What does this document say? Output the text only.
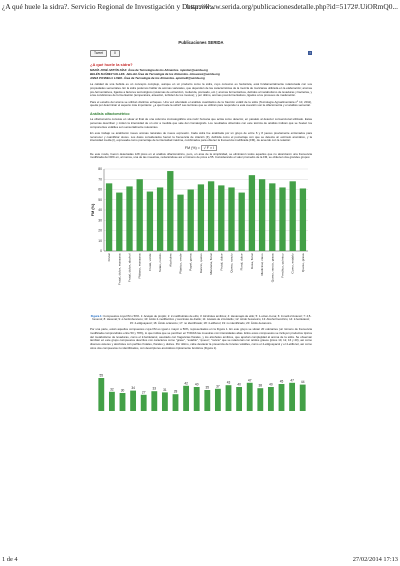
¿A qué huele la sidra?. Servicio Regional de Investigación y Desarroll...
http://www.serida.org/publicacionesdetalle.php?id=5172#.UiORmQ0...
Publicaciones SERIDA
Tweet	0	f
¿A qué huele la sidra?
MARÍA JOSÉ ANTÓN DÍAZ. Área de Tecnología de los Alimentos. mjanton@serida.org
BELÉN SUÁREZ VALLES. Jefa del Área de Tecnología de los Alimentos. mbsuarez@serida.org
ANNA PICINELLI LOBO. Área de Tecnología de los Alimentos. apicinelli@serida.org
La calidad de una bebida es un concepto complejo, aunque en un producto como la sidra, cuyo consumo es hedonista, está fundamentalmente relacionada con sus propiedades sensoriales. En la sidra podemos hablar de aromas varietales, que dependen de las características de la mezcla de manzanas utilizada en la elaboración; aromas pre-fermentativos, ligados a factores tecnológicos (sistemas de extracción, molienda, prensado, etc.); aromas fermentativos, debidos al metabolismo de levaduras y bacterias, y a las condiciones de fermentación (temperatura, aireación, turbidez de los mostos); y por último, aromas post-fermentativos, ligados a los procesos de maduración.
Para el estudio del aroma se utilizan distintos enfoques. Una vez abordado el análisis cuantitativo de la fracción volátil de la sidra (Tecnología Agroalimentaria nº 10, 2011), queda por determinar el aspecto más importante: ¿a qué huele la sidra? Las técnicas que se utilizan para responder a esta cuestión son la olfactometría y el análisis sensorial.
Análisis olfactométrico
La olfactometría consiste en situar al final de una columna cromatográfica una nariz humana que actúa como detector, en paralelo al detector convencional utilizado. Estas personas describen y miden la intensidad de un olor a medida que sale del cromatógrafo. Los resultados obtenidos con este técnica de análisis indican qué se huelen los componentes volátiles son sensorialmente relevantes.
En este trabajo se analizaron nueve aromas naturales de nueve expresión. Cada sidra fue analizada por un grupo de entre 6 y 8 jueces previamente entrenados para reconocer y cuantificar olores. Los datos considerados fueron la frecuencia de citación (F), definida como el porcentaje con que se detecta un estímulo aromático, y la intensidad media (I), expresada como porcentaje de la intensidad máxima, combinados para obtener la frecuencia modificada (FM), de acuerdo con la relación:
FM (%) = √ F × I
De este modo, fueron detectadas 128 picos en el análisis olfactométrico, pero, en aras de la simplicidad, se eliminaron todos aquellos que no alcanzaron una frecuencia modificada del 30% en, al menos, una de las muestras, reduciéndose así el número de picos a 55. Considerando el valor promedio de la FM, se obtienen dos grandes grupos:
0
10
20
30
40
50
60
70
80
FM (%)
Frutal Frutal, dulce, manzana Frutal, dulce, alcohol Plátano, manzana Frutal, verde Setas, cocido Alcoholes Plástico, verde Papel, goma Rancio, queso Manzana, floral Frutal, dulce Queso, rancio Floral, dulce Rosa, floral Medicinal, clavo Queso, rancio, grasa Fenólico, químico Cuero, establo Queso, grasa
Figura 1: Compuestos cuya FM ≥ 50%. 1: Acetato de propilo; 2: 2-metilbutirato de etilo; 3: Alcoholes amílicos; 4: Hexanoato de etilo; 5: 1-octen-3-ona; 6: 3-metil-2-butenol; 7: 4,5-hexenol; 8: Hexenal; 9: α-fenitrobenceno; 10: Ácido 2-metilbutírico y succinato de dietilo; 11: Acetato de 2-feniletilo; 12: Ácido hexanoico; 13: Alcohol bencílico; 14: 2-feniletanol; 15: 4-etilguayacol; 16: Ácido octanoico; 17: no identificado; 18: 4-etilfenol; 19: no identificado; 20: Ácido decanoico.
Por una parte, están aquellos compuestos cuya FM es igual o mayor a 50%, representados en la Figura 1. En este grupo se sitúan 20 odorantes (un número de frecuencia modificada comprendidos entre 50 y 78%), lo que indica que se perciben en TODAS las muestras con intensidades altas. Entre estos compuestos se incluyen productos típicos del metabolismo de levaduras, como el 2-feniletanol, asociado con fragancias florales, y los alcoholes amílicos, que aportan complejidad al aroma de la sidra. Se observan también en este grupo compuestos descritos con caracteres como "graso", "establo", "queso", "rancio" que se relacionan con ácidos grasos (picos 10, 12, 16 y 20), así como diversos ésteres y alcoholes con perfiles frutales, florales y dulces. Por último, cabe destacar la presencia de fenoles volátiles, como el 4-etilguayacol y el 4-etilfenol, así como otros dos compuestos no identificados, con descriptores aromáticos típicamente fenólicos (Figura 1).
55
32 30
34
27
33 31 28
42 40
35 37
43 40
47
38 40
45 47 44
1 de 4	27/02/2014 17:13
